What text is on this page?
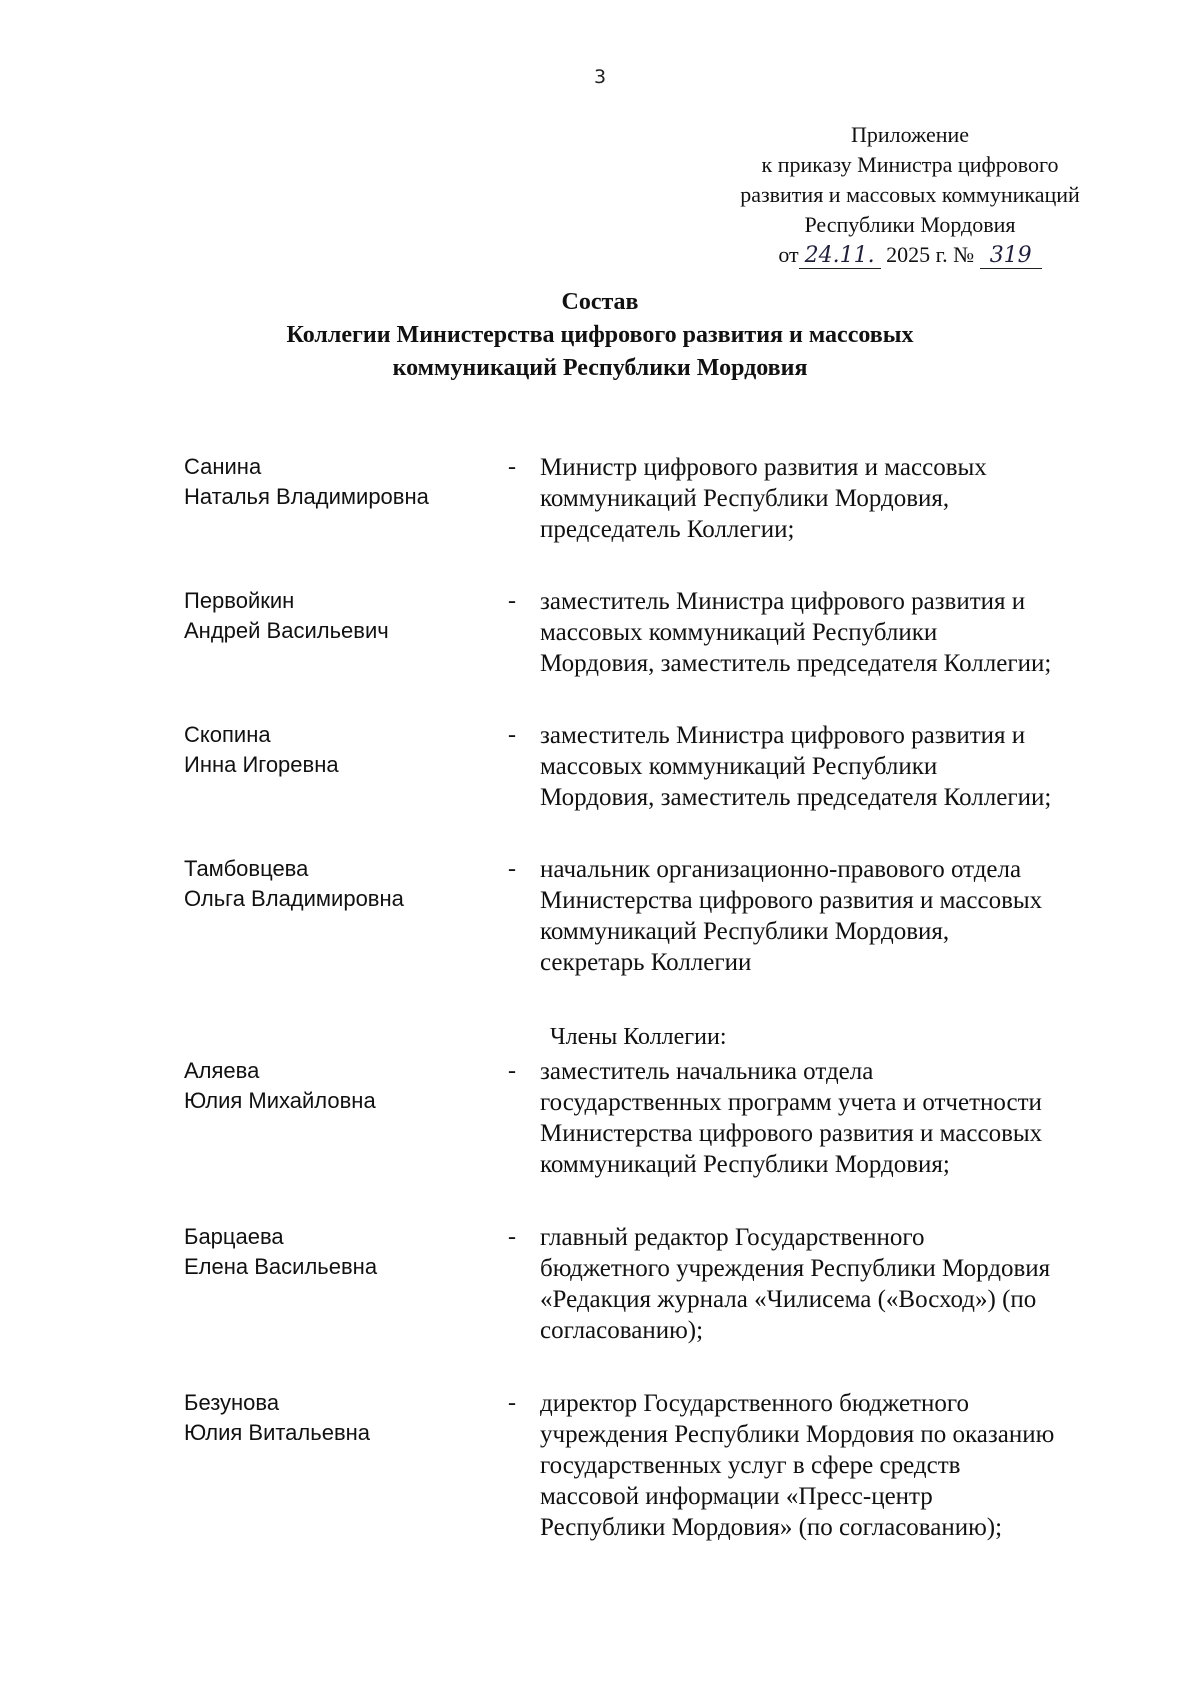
3
Приложение
к приказу Министра цифрового
развития и массовых коммуникаций
Республики Мордовия
от 24.11. 2025 г. № 319
Состав
Коллегии Министерства цифрового развития и массовых
коммуникаций Республики Мордовия
Санина
Наталья Владимировна
- Министр цифрового развития и массовых
коммуникаций Республики Мордовия,
председатель Коллегии;
Первойкин
Андрей Васильевич
- заместитель Министра цифрового развития и
массовых коммуникаций Республики
Мордовия, заместитель председателя Коллегии;
Скопина
Инна Игоревна
- заместитель Министра цифрового развития и
массовых коммуникаций Республики
Мордовия, заместитель председателя Коллегии;
Тамбовцева
Ольга Владимировна
- начальник организационно-правового отдела
Министерства цифрового развития и массовых
коммуникаций Республики Мордовия,
секретарь Коллегии
Члены Коллегии:
Аляева
Юлия Михайловна
- заместитель начальника отдела
государственных программ учета и отчетности
Министерства цифрового развития и массовых
коммуникаций Республики Мордовия;
Барцаева
Елена Васильевна
- главный редактор Государственного
бюджетного учреждения Республики Мордовия
«Редакция журнала «Чилисема («Восход») (по
согласованию);
Безунова
Юлия Витальевна
- директор Государственного бюджетного
учреждения Республики Мордовия по оказанию
государственных услуг в сфере средств
массовой информации «Пресс-центр
Республики Мордовия» (по согласованию);
